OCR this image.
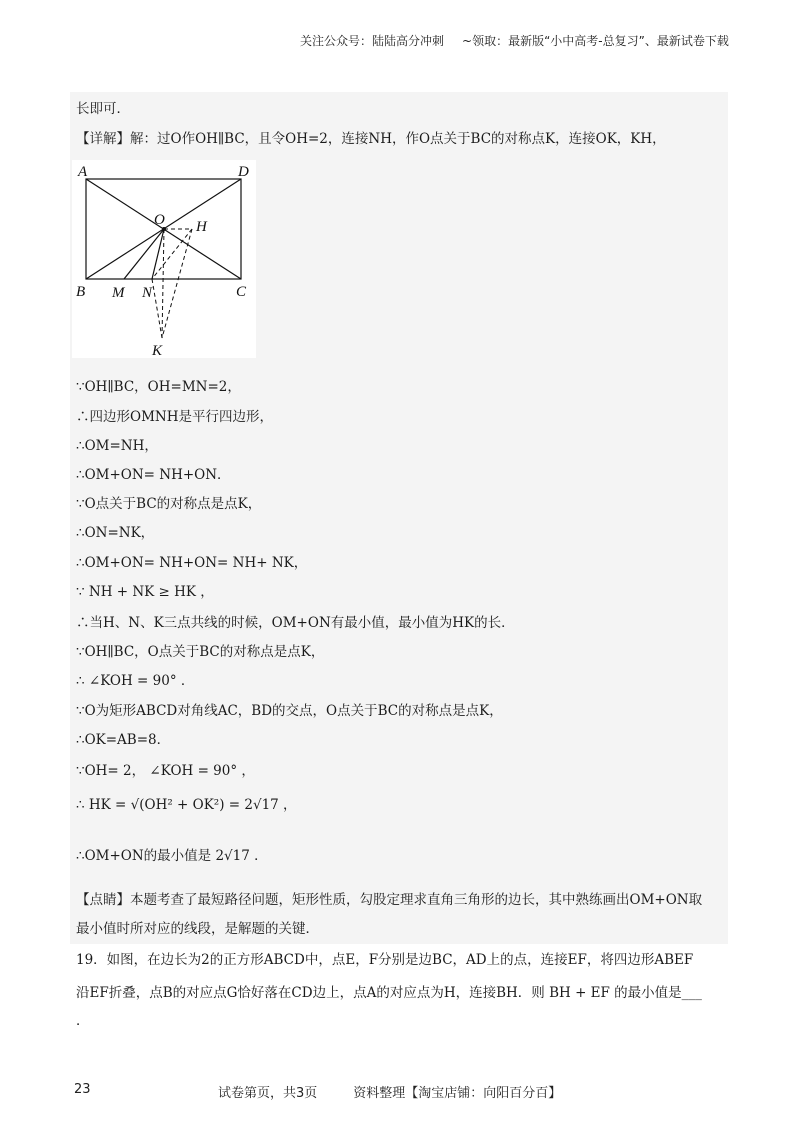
关注公众号：陆陆高分冲刺 ~领取：最新版“小中高考-总复习”、最新试卷下载
长即可．
【详解】解：过O作OH∥BC，且令OH=2，连接NH，作O点关于BC的对称点K，连接OK，KH，
A	D
O H
B M N	C
K
∵OH∥BC，OH=MN=2，
∴四边形OMNH是平行四边形，
∴OM=NH，
∴OM+ON= NH+ON．
∵O点关于BC的对称点是点K，
∴ON=NK，
∴OM+ON= NH+ON= NH+ NK，
∵ NH + NK ≥ HK ，
∴当H、N、K三点共线的时候，OM+ON有最小值，最小值为HK的长．
∵OH∥BC，O点关于BC的对称点是点K，
∴ ∠KOH = 90° ．
∵O为矩形ABCD对角线AC，BD的交点，O点关于BC的对称点是点K，
∴OK=AB=8．
∵OH= 2， ∠KOH = 90° ，
∴ HK = √(OH² + OK²) = 2√17 ，
∴OM+ON的最小值是 2√17 ．
【点睛】本题考查了最短路径问题，矩形性质，勾股定理求直角三角形的边长，其中熟练画出OM+ON取
最小值时所对应的线段，是解题的关键．
19．如图，在边长为2的正方形ABCD中，点E，F分别是边BC，AD上的点，连接EF，将四边形ABEF
沿EF折叠，点B的对应点G恰好落在CD边上，点A的对应点为H，连接BH．则 BH + EF 的最小值是___
．
23	试卷第页，共3页	资料整理【淘宝店铺：向阳百分百】
